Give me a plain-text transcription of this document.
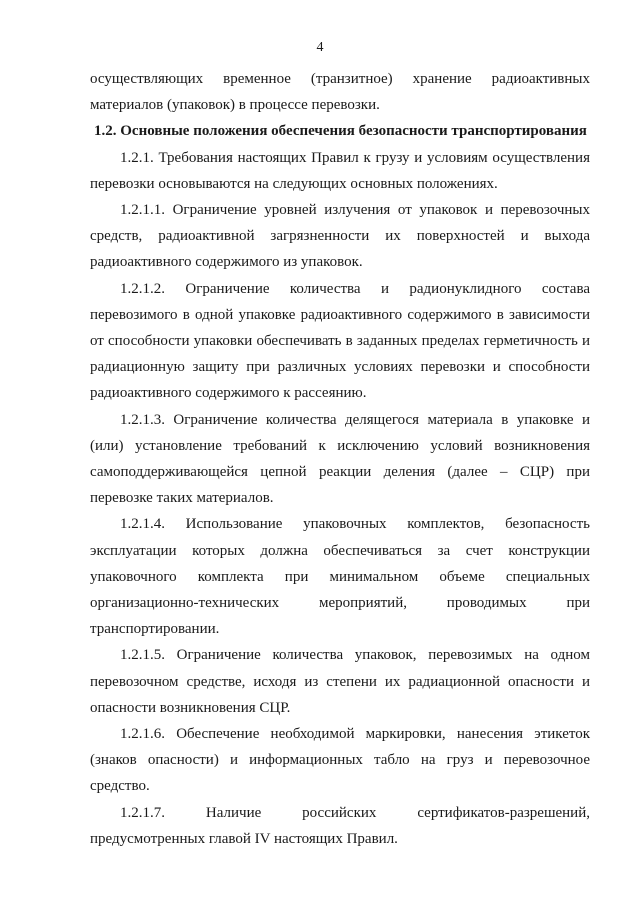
4

осуществляющих временное (транзитное) хранение радиоактивных материалов (упаковок) в процессе перевозки.

1.2. Основные положения обеспечения безопасности транспортирования

1.2.1. Требования настоящих Правил к грузу и условиям осуществления перевозки основываются на следующих основных положениях.

1.2.1.1. Ограничение уровней излучения от упаковок и перевозочных средств, радиоактивной загрязненности их поверхностей и выхода радиоактивного содержимого из упаковок.

1.2.1.2. Ограничение количества и радионуклидного состава перевозимого в одной упаковке радиоактивного содержимого в зависимости от способности упаковки обеспечивать в заданных пределах герметичность и радиационную защиту при различных условиях перевозки и способности радиоактивного содержимого к рассеянию.

1.2.1.3. Ограничение количества делящегося материала в упаковке и (или) установление требований к исключению условий возникновения самоподдерживающейся цепной реакции деления (далее – СЦР) при перевозке таких материалов.

1.2.1.4. Использование упаковочных комплектов, безопасность эксплуатации которых должна обеспечиваться за счет конструкции упаковочного комплекта при минимальном объеме специальных организационно-технических мероприятий, проводимых при транспортировании.

1.2.1.5. Ограничение количества упаковок, перевозимых на одном перевозочном средстве, исходя из степени их радиационной опасности и опасности возникновения СЦР.

1.2.1.6. Обеспечение необходимой маркировки, нанесения этикеток (знаков опасности) и информационных табло на груз и перевозочное средство.

1.2.1.7. Наличие российских сертификатов-разрешений, предусмотренных главой IV настоящих Правил.
